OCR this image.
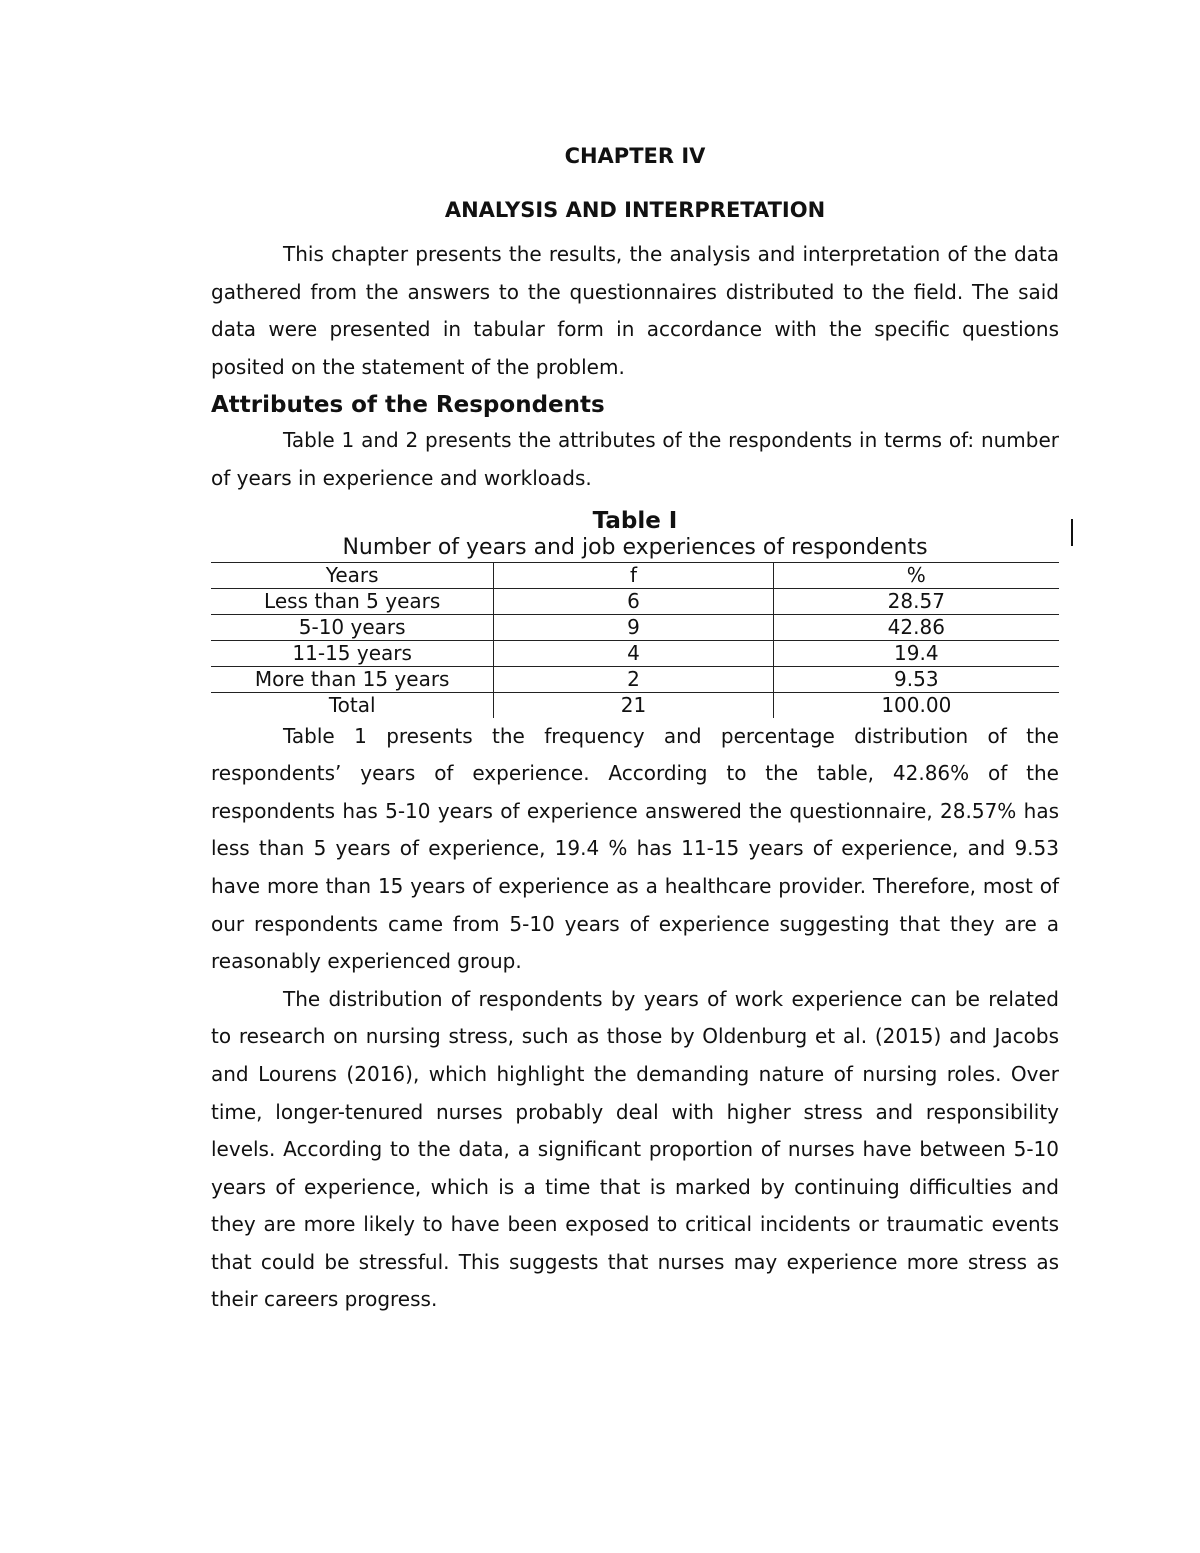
CHAPTER IV
ANALYSIS AND INTERPRETATION

This chapter presents the results, the analysis and interpretation of the data gathered from the answers to the questionnaires distributed to the field. The said data were presented in tabular form in accordance with the specific questions posited on the statement of the problem.

Attributes of the Respondents

Table 1 and 2 presents the attributes of the respondents in terms of: number of years in experience and workloads.

Table I
Number of years and job experiences of respondents
Years	f	%
Less than 5 years	6	28.57
5-10 years	9	42.86
11-15 years	4	19.4
More than 15 years	2	9.53
Total	21	100.00

Table 1 presents the frequency and percentage distribution of the respondents’ years of experience. According to the table, 42.86% of the respondents has 5-10 years of experience answered the questionnaire, 28.57% has less than 5 years of experience, 19.4 % has 11-15 years of experience, and 9.53 have more than 15 years of experience as a healthcare provider. Therefore, most of our respondents came from 5-10 years of experience suggesting that they are a reasonably experienced group.

The distribution of respondents by years of work experience can be related to research on nursing stress, such as those by Oldenburg et al. (2015) and Jacobs and Lourens (2016), which highlight the demanding nature of nursing roles. Over time, longer-tenured nurses probably deal with higher stress and responsibility levels. According to the data, a significant proportion of nurses have between 5-10 years of experience, which is a time that is marked by continuing difficulties and they are more likely to have been exposed to critical incidents or traumatic events that could be stressful. This suggests that nurses may experience more stress as their careers progress.
